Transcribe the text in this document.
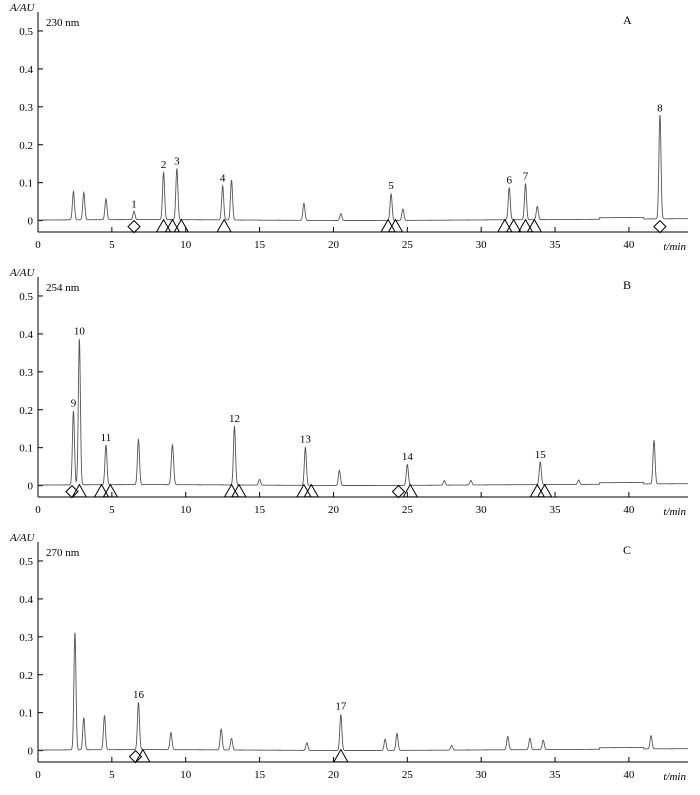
0
0.1
0.2
0.3
0.4
0.5
0	5	10	15	20	25	30	35	40	t/min
A/AU
230 nm	A
1
2 3
4
5	6 7
8
0
0.1
0.2
0.3
0.4
0.5
0	5	10	15	20	25	30	35	40	t/min
A/AU
254 nm	B
9
10
11
12
13
14	15
0
0.1
0.2
0.3
0.4
0.5
0	5	10	15	20	25	30	35	40	t/min
A/AU
270 nm	C
16
17
